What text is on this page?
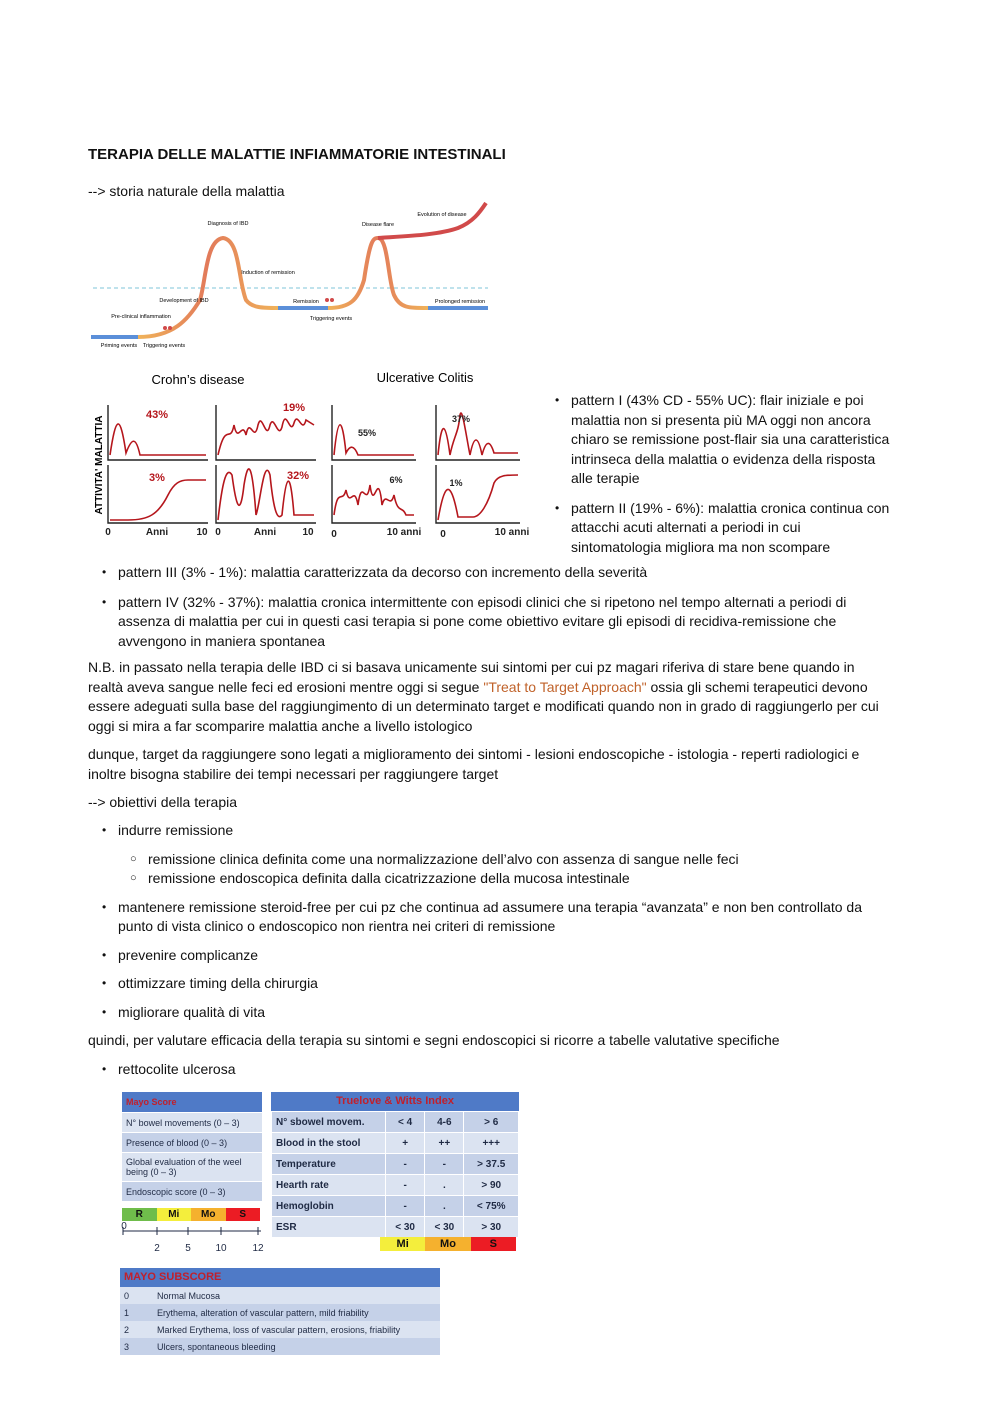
TERAPIA DELLE MALATTIE INFIAMMATORIE INTESTINALI
--> storia naturale della malattia
Diagnosis of IBD
Induction of remission
Development of IBD
Pre-clinical inflammation
Priming events Triggering events
Remission
Triggering events
Disease flare
Evolution of disease
Prolonged remission
Crohn’s disease	Ulcerative Colitis
ATTIVITA' MALATTIA
43%
19%
3%	32%
55%
37%
6%	1%
0	Anni	10 0	Anni	10 0	10 anni 0	10 anni
• pattern I (43% CD - 55% UC): flair iniziale e poi malattia non si presenta più MA oggi non ancora chiaro se remissione post-flair sia una caratteristica intrinseca della malattia o evidenza della risposta alle terapie
• pattern II (19% - 6%): malattia cronica continua con attacchi acuti alternati a periodi in cui sintomatologia migliora ma non scompare
• pattern III (3% - 1%): malattia caratterizzata da decorso con incremento della severità
• pattern IV (32% - 37%): malattia cronica intermittente con episodi clinici che si ripetono nel tempo alternati a periodi di assenza di malattia per cui in questi casi terapia si pone come obiettivo evitare gli episodi di recidiva-remissione che avvengono in maniera spontanea
N.B. in passato nella terapia delle IBD ci si basava unicamente sui sintomi per cui pz magari riferiva di stare bene quando in realtà aveva sangue nelle feci ed erosioni mentre oggi si segue "Treat to Target Approach" ossia gli schemi terapeutici devono essere adeguati sulla base del raggiungimento di un determinato target e modificati quando non in grado di raggiungerlo per cui oggi si mira a far scomparire malattia anche a livello istologico
dunque, target da raggiungere sono legati a miglioramento dei sintomi - lesioni endoscopiche - istologia - reperti radiologici e inoltre bisogna stabilire dei tempi necessari per raggiungere target
--> obiettivi della terapia
• indurre remissione
○ remissione clinica definita come una normalizzazione dell’alvo con assenza di sangue nelle feci
○ remissione endoscopica definita dalla cicatrizzazione della mucosa intestinale
• mantenere remissione steroid-free per cui pz che continua ad assumere una terapia “avanzata” e non ben controllato da punto di vista clinico o endoscopico non rientra nei criteri di remissione
• prevenire complicanze
• ottimizzare timing della chirurgia
• migliorare qualità di vita
quindi, per valutare efficacia della terapia su sintomi e segni endoscopici si ricorre a tabelle valutative specifiche
• rettocolite ulcerosa
Mayo Score
N° bowel movements (0 – 3)
Presence of blood (0 – 3)
Global evaluation of the weel being (0 – 3)
Endoscopic score (0 – 3)
R	Mi	Mo	S
0
2	5 10	12
Truelove & Witts Index
N° sbowel movem.	< 4	4-6	> 6
Blood in the stool	+	++	+++
Temperature	-	-	> 37.5
Hearth rate	-	.	> 90
Hemoglobin	-	.	< 75%
ESR	< 30	< 30	> 30
Mi	Mo	S
MAYO SUBSCORE
0	Normal Mucosa
1	Erythema, alteration of vascular pattern, mild friability
2	Marked Erythema, loss of vascular pattern, erosions, friability
3	Ulcers, spontaneous bleeding
